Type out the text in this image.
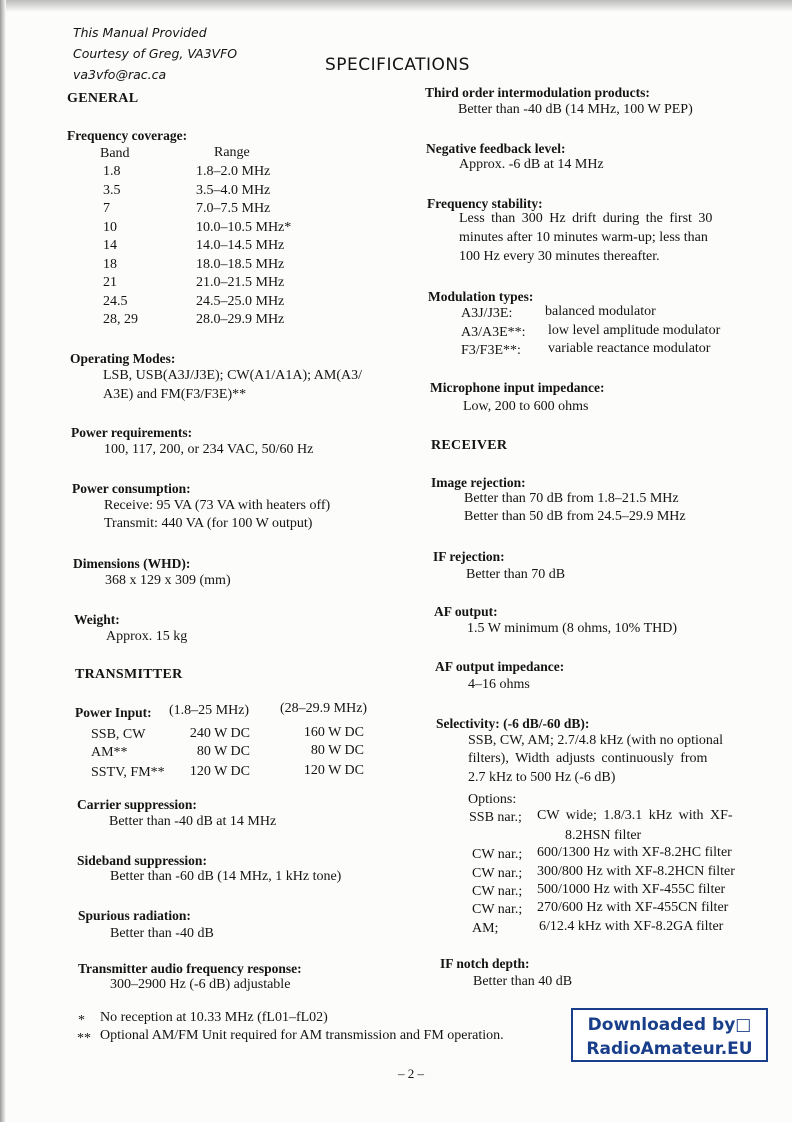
This Manual Provided
Courtesy of Greg, VA3VFO
va3vfo@rac.ca	SPECIFICATIONS
GENERAL
Frequency coverage:
Band	Range
1.8	1.8–2.0 MHz
3.5	3.5–4.0 MHz
7	7.0–7.5 MHz
10	10.0–10.5 MHz*
14	14.0–14.5 MHz
18	18.0–18.5 MHz
21	21.0–21.5 MHz
24.5	24.5–25.0 MHz
28, 29	28.0–29.9 MHz
Operating Modes:
LSB, USB(A3J/J3E); CW(A1/A1A); AM(A3/
A3E) and FM(F3/F3E)**
Power requirements:
100, 117, 200, or 234 VAC, 50/60 Hz
Power consumption:
Receive: 95 VA (73 VA with heaters off)
Transmit: 440 VA (for 100 W output)
Dimensions (WHD):
368 x 129 x 309 (mm)
Weight:
Approx. 15 kg
TRANSMITTER
Power Input: (1.8–25 MHz) (28–29.9 MHz)
SSB, CW	240 W DC	160 W DC
AM**	80 W DC	80 W DC
SSTV, FM**	120 W DC	120 W DC
Carrier suppression:
Better than -40 dB at 14 MHz
Sideband suppression:
Better than -60 dB (14 MHz, 1 kHz tone)
Spurious radiation:
Better than -40 dB
Transmitter audio frequency response:
300–2900 Hz (-6 dB) adjustable
Third order intermodulation products:
Better than -40 dB (14 MHz, 100 W PEP)
Negative feedback level:
Approx. -6 dB at 14 MHz
Frequency stability:
Less than 300 Hz drift during the first 30
minutes after 10 minutes warm-up; less than
100 Hz every 30 minutes thereafter.
Modulation types:
A3J/J3E: balanced modulator
A3/A3E**: low level amplitude modulator
F3/F3E**: variable reactance modulator
Microphone input impedance:
Low, 200 to 600 ohms
RECEIVER
Image rejection:
Better than 70 dB from 1.8–21.5 MHz
Better than 50 dB from 24.5–29.9 MHz
IF rejection:
Better than 70 dB
AF output:
1.5 W minimum (8 ohms, 10% THD)
AF output impedance:
4–16 ohms
Selectivity: (-6 dB/-60 dB):
SSB, CW, AM; 2.7/4.8 kHz (with no optional
filters), Width adjusts continuously from
2.7 kHz to 500 Hz (-6 dB)
Options:
SSB nar.; CW wide; 1.8/3.1 kHz with XF-
8.2HSN filter
CW nar.; 600/1300 Hz with XF-8.2HC filter
CW nar.; 300/800 Hz with XF-8.2HCN filter
CW nar.; 500/1000 Hz with XF-455C filter
CW nar.; 270/600 Hz with XF-455CN filter
AM;	6/12.4 kHz with XF-8.2GA filter
IF notch depth:
Better than 40 dB
* No reception at 10.33 MHz (fL01–fL02)
** Optional AM/FM Unit required for AM transmission and FM operation.
Downloaded by□
RadioAmateur.EU
– 2 –
